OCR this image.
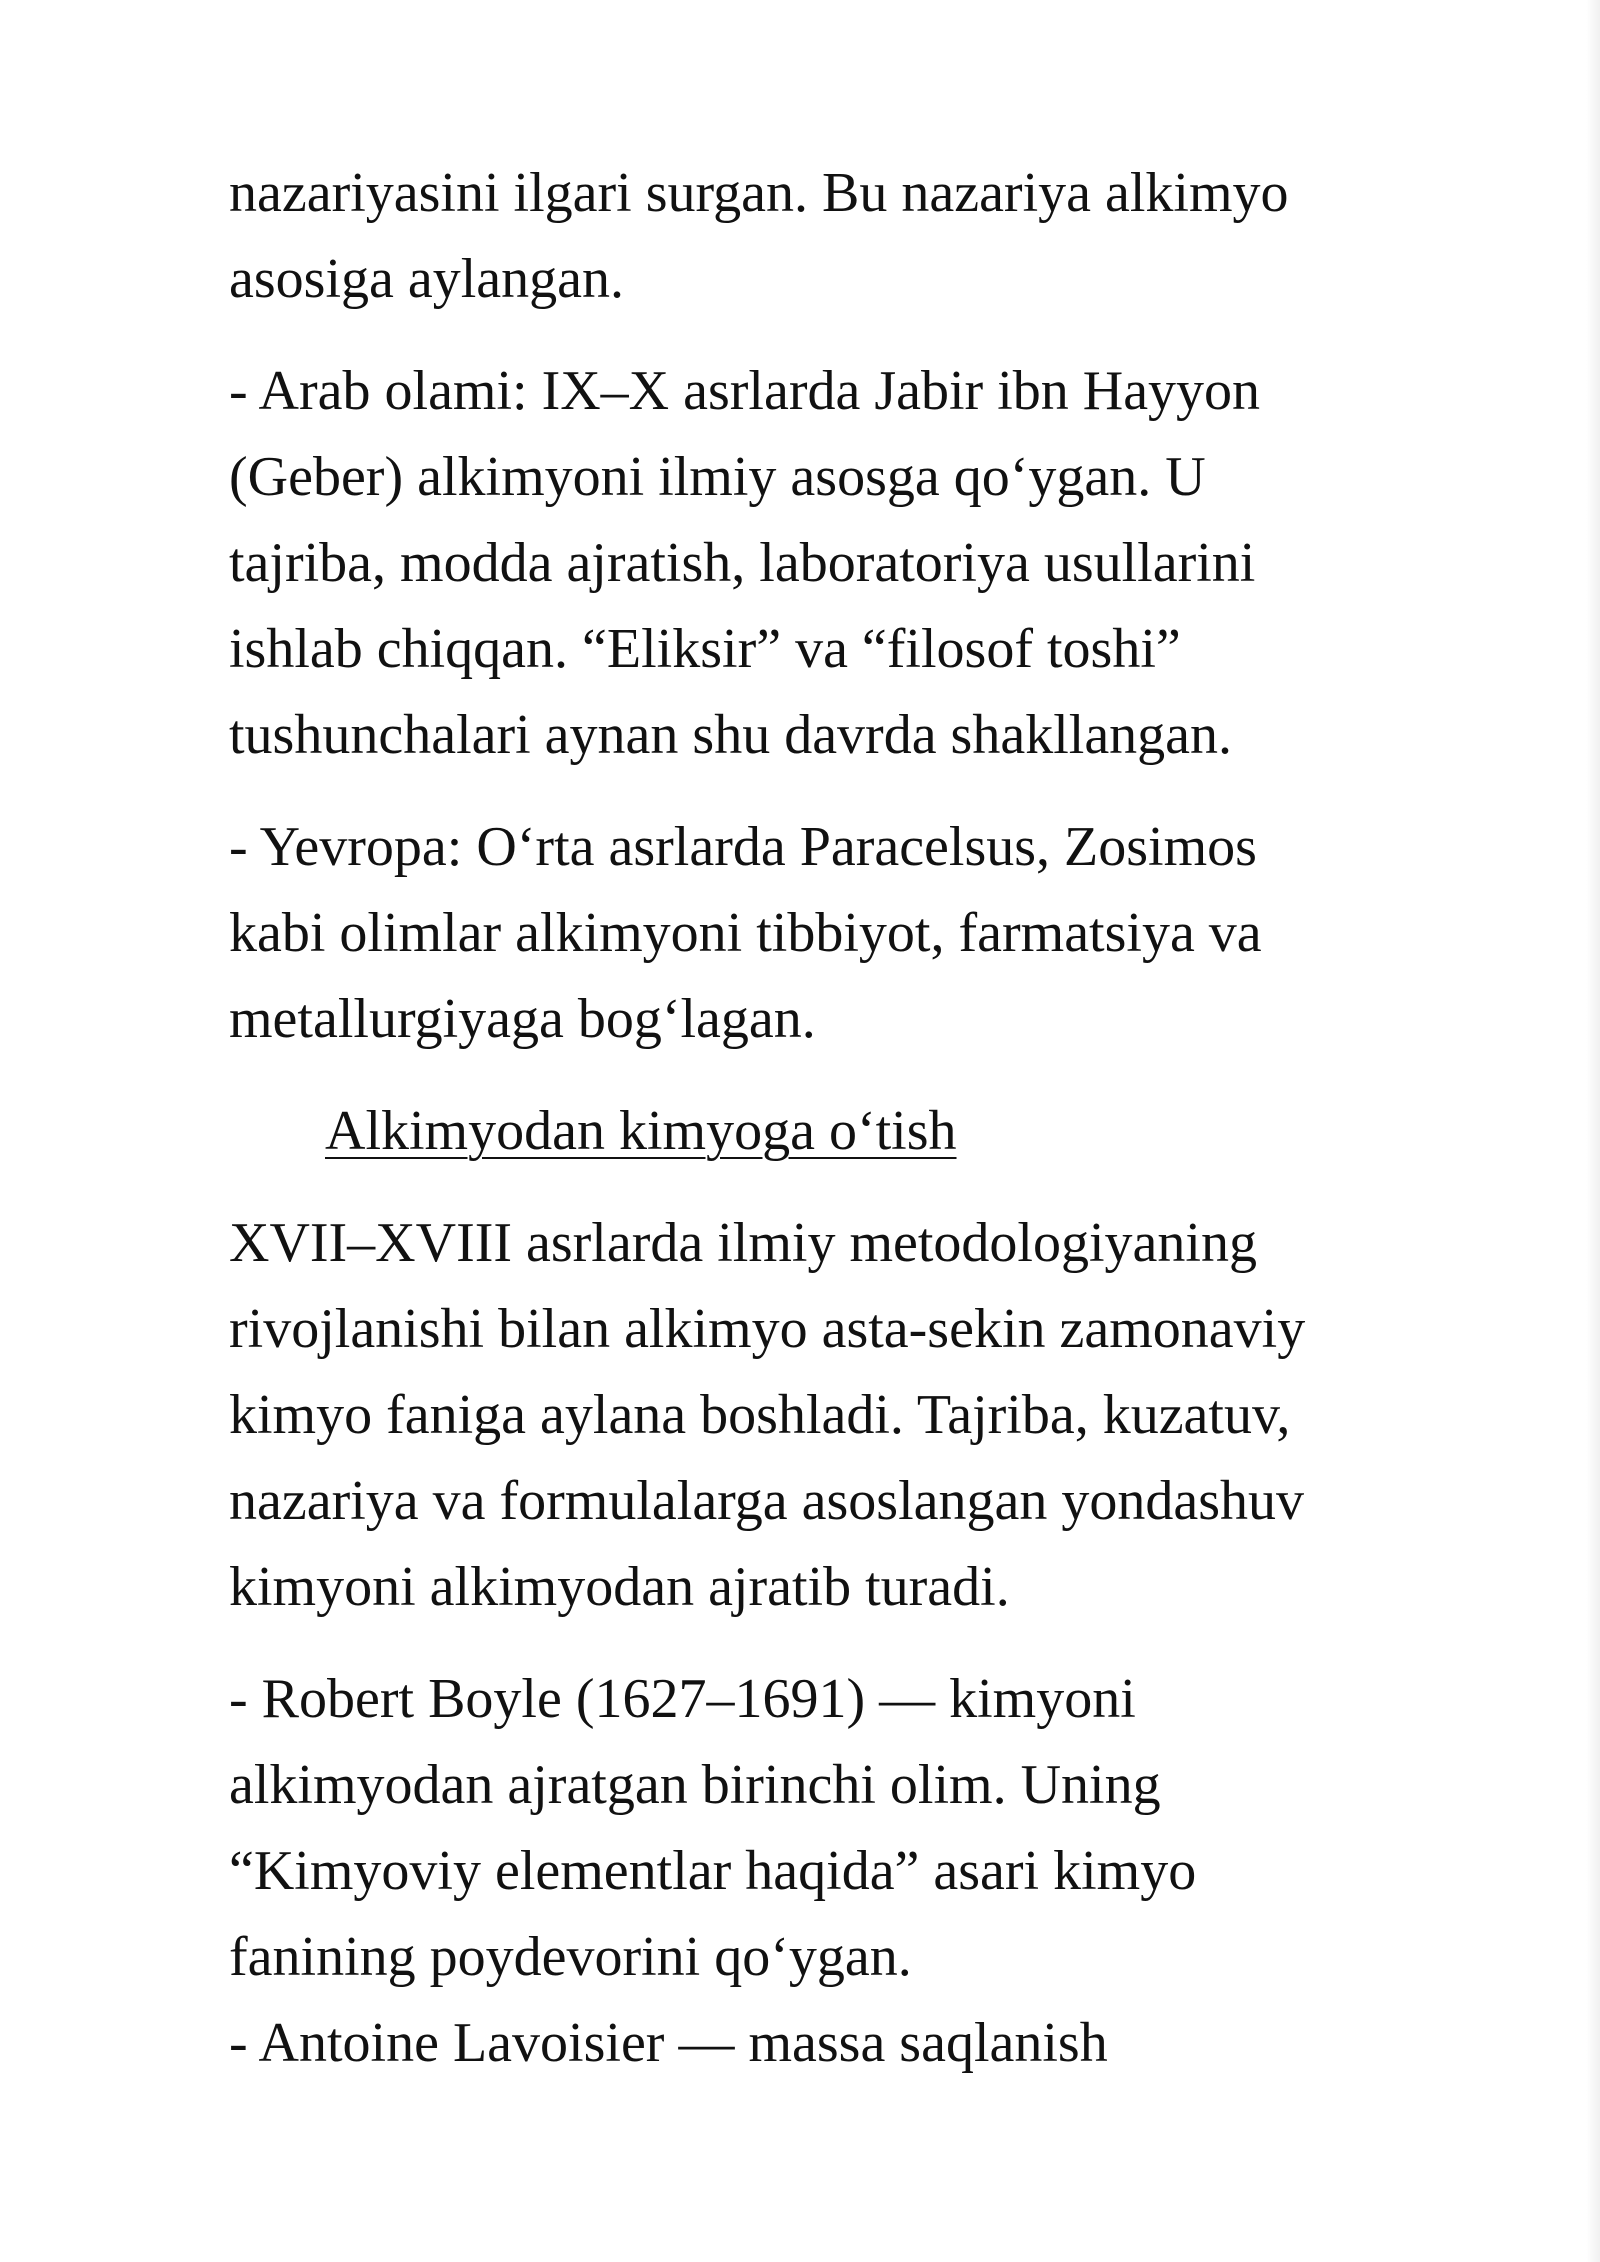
nazariyasini ilgari surgan. Bu nazariya alkimyo
asosiga aylangan.

- Arab olami: IX–X asrlarda Jabir ibn Hayyon
(Geber) alkimyoni ilmiy asosga qo‘ygan. U
tajriba, modda ajratish, laboratoriya usullarini
ishlab chiqqan. “Eliksir” va “filosof toshi”
tushunchalari aynan shu davrda shakllangan.

- Yevropa: O‘rta asrlarda Paracelsus, Zosimos
kabi olimlar alkimyoni tibbiyot, farmatsiya va
metallurgiyaga bog‘lagan.

Alkimyodan kimyoga o‘tish

XVII–XVIII asrlarda ilmiy metodologiyaning
rivojlanishi bilan alkimyo asta-sekin zamonaviy
kimyo faniga aylana boshladi. Tajriba, kuzatuv,
nazariya va formulalarga asoslangan yondashuv
kimyoni alkimyodan ajratib turadi.

- Robert Boyle (1627–1691) — kimyoni
alkimyodan ajratgan birinchi olim. Uning
“Kimyoviy elementlar haqida” asari kimyo
fanining poydevorini qo‘ygan.

- Antoine Lavoisier — massa saqlanish
